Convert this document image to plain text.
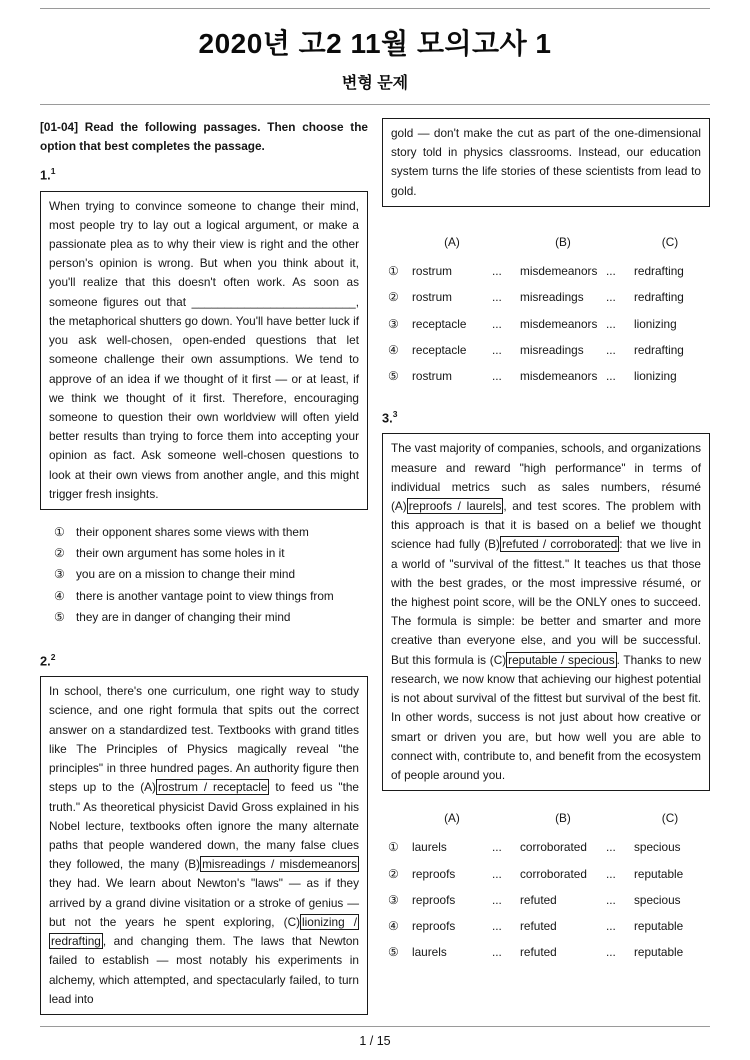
2020년 고2 11월 모의고사 1
변형 문제
[01-04] Read the following passages. Then choose the option that best completes the passage.
1.$^1$
When trying to convince someone to change their mind, most people try to lay out a logical argument, or make a passionate plea as to why their view is right and the other person's opinion is wrong. But when you think about it, you'll realize that this doesn't often work. As soon as someone figures out that _________________________, the metaphorical shutters go down. You'll have better luck if you ask well-chosen, open-ended questions that let someone challenge their own assumptions. We tend to approve of an idea if we thought of it first — or at least, if we think we thought of it first. Therefore, encouraging someone to question their own worldview will often yield better results than trying to force them into accepting your opinion as fact. Ask someone well-chosen questions to look at their own views from another angle, and this might trigger fresh insights.
① their opponent shares some views with them
② their own argument has some holes in it
③ you are on a mission to change their mind
④ there is another vantage point to view things from
⑤ they are in danger of changing their mind
2.$^2$
In school, there's one curriculum, one right way to study science, and one right formula that spits out the correct answer on a standardized test. Textbooks with grand titles like The Principles of Physics magically reveal "the principles" in three hundred pages. An authority figure then steps up to the (A) rostrum / receptacle to feed us "the truth." As theoretical physicist David Gross explained in his Nobel lecture, textbooks often ignore the many alternate paths that people wandered down, the many false clues they followed, the many (B) misreadings / misdemeanors they had. We learn about Newton's "laws" — as if they arrived by a grand divine visitation or a stroke of genius — but not the years he spent exploring, (C) lionizing / redrafting , and changing them. The laws that Newton failed to establish — most notably his experiments in alchemy, which attempted, and spectacularly failed, to turn lead into
gold — don't make the cut as part of the one-dimensional story told in physics classrooms. Instead, our education system turns the life stories of these scientists from lead to gold.
(A)	(B)	(C)
①	rostrum	...	misdemeanors ...	redrafting
②	rostrum	...	misreadings	...	redrafting
③	receptacle	...	misdemeanors ...	lionizing
④	receptacle	...	misreadings	...	redrafting
⑤	rostrum	...	misdemeanors ...	lionizing
3.$^3$
The vast majority of companies, schools, and organizations measure and reward "high performance" in terms of individual metrics such as sales numbers, résumé (A) reproofs / laurels , and test scores. The problem with this approach is that it is based on a belief we thought science had fully (B) refuted / corroborated : that we live in a world of "survival of the fittest." It teaches us that those with the best grades, or the most impressive résumé, or the highest point score, will be the ONLY ones to succeed. The formula is simple: be better and smarter and more creative than everyone else, and you will be successful. But this formula is (C) reputable / specious . Thanks to new research, we now know that achieving our highest potential is not about survival of the fittest but survival of the best fit. In other words, success is not just about how creative or smart or driven you are, but how well you are able to connect with, contribute to, and benefit from the ecosystem of people around you.
(A)	(B)	(C)
①	laurels	...	corroborated	...	specious
②	reproofs	...	corroborated	...	reputable
③	reproofs	...	refuted	...	specious
④	reproofs	...	refuted	...	reputable
⑤	laurels	...	refuted	...	reputable
1 / 15
